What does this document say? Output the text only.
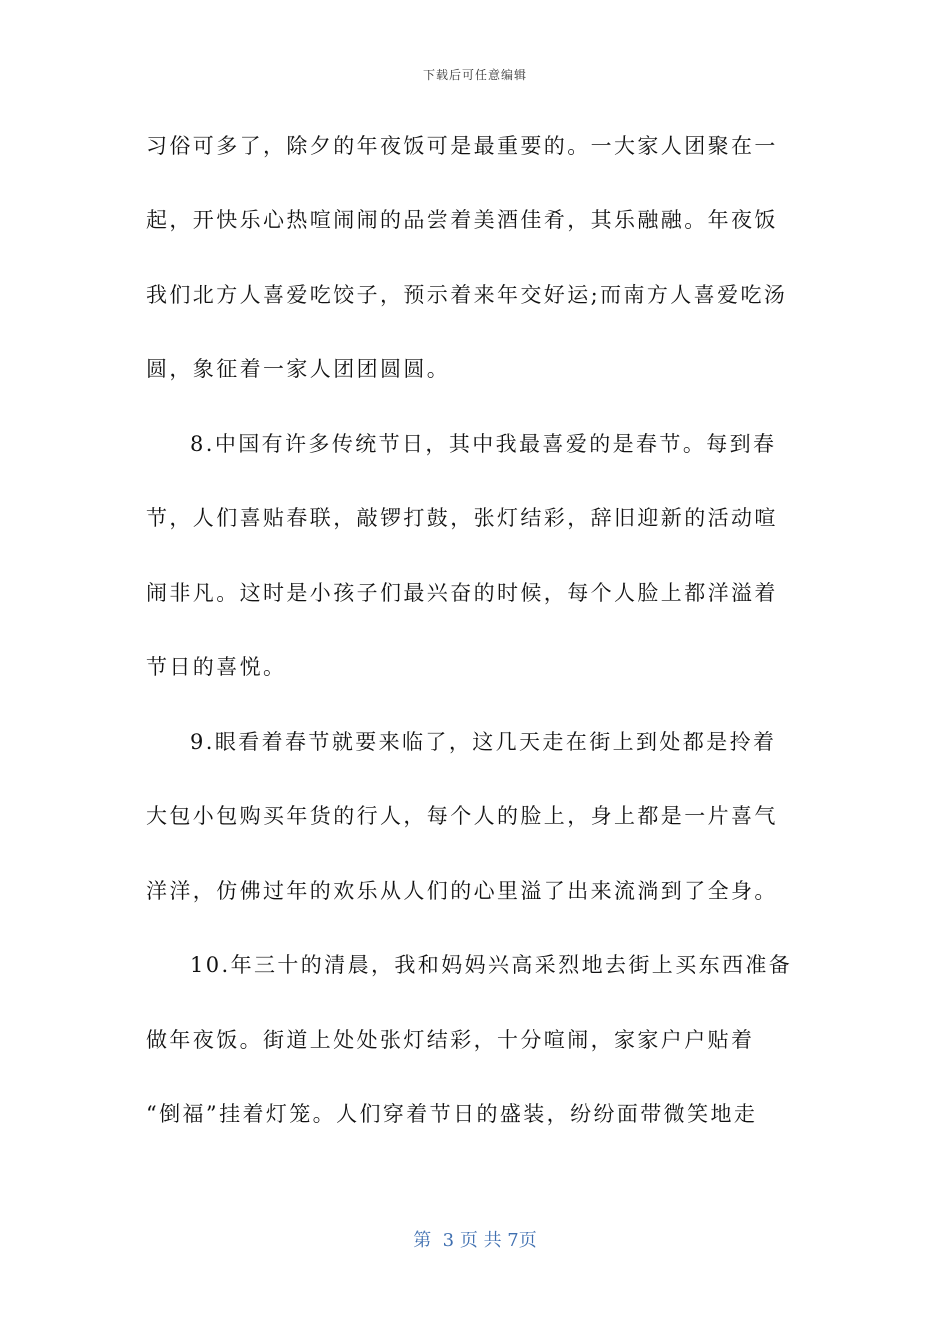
下载后可任意编辑
习俗可多了，除夕的年夜饭可是最重要的。一大家人团聚在一
起，开快乐心热喧闹闹的品尝着美酒佳肴，其乐融融。年夜饭
我们北方人喜爱吃饺子，预示着来年交好运;而南方人喜爱吃汤
圆，象征着一家人团团圆圆。
8.中国有许多传统节日，其中我最喜爱的是春节。每到春
节，人们喜贴春联，敲锣打鼓，张灯结彩，辞旧迎新的活动喧
闹非凡。这时是小孩子们最兴奋的时候，每个人脸上都洋溢着
节日的喜悦。
9.眼看着春节就要来临了，这几天走在街上到处都是拎着
大包小包购买年货的行人，每个人的脸上，身上都是一片喜气
洋洋，仿佛过年的欢乐从人们的心里溢了出来流淌到了全身。
10.年三十的清晨，我和妈妈兴高采烈地去街上买东西准备
做年夜饭。街道上处处张灯结彩，十分喧闹，家家户户贴着
“倒福”挂着灯笼。人们穿着节日的盛装，纷纷面带微笑地走
第  3 页 共 7页
